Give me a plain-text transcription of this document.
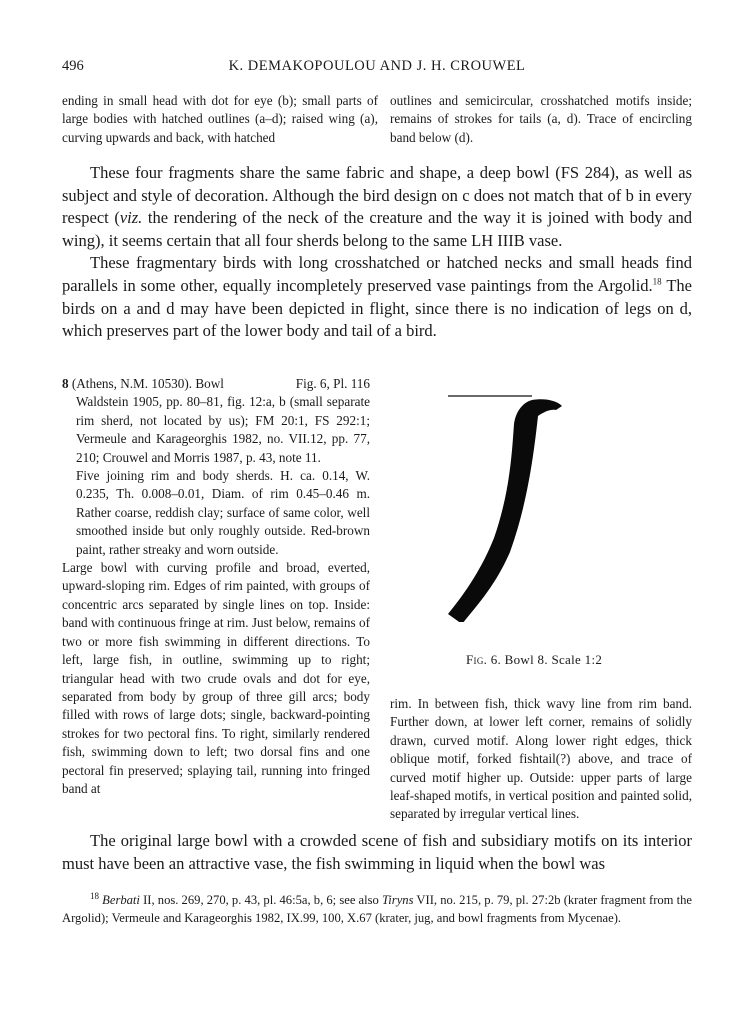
496	K. DEMAKOPOULOU AND J. H. CROUWEL

ending in small head with dot for eye (b); small parts of large bodies with hatched outlines (a–d); raised wing (a), curving upwards and back, with hatched

outlines and semicircular, crosshatched motifs inside; remains of strokes for tails (a, d). Trace of encircling band below (d).

These four fragments share the same fabric and shape, a deep bowl (FS 284), as well as subject and style of decoration. Although the bird design on c does not match that of b in every respect (viz. the rendering of the neck of the creature and the way it is joined with body and wing), it seems certain that all four sherds belong to the same LH IIIB vase.

These fragmentary birds with long crosshatched or hatched necks and small heads find parallels in some other, equally incompletely preserved vase paintings from the Argolid.$^{18}$ The birds on a and d may have been depicted in flight, since there is no indication of legs on d, which preserves part of the lower body and tail of a bird.

8 (Athens, N.M. 10530). Bowl	Fig. 6, Pl. 116

Waldstein 1905, pp. 80–81, fig. 12:a, b (small separate rim sherd, not located by us); FM 20:1, FS 292:1; Vermeule and Karageorghis 1982, no. VII.12, pp. 77, 210; Crouwel and Morris 1987, p. 43, note 11.

Five joining rim and body sherds. H. ca. 0.14, W. 0.235, Th. 0.008–0.01, Diam. of rim 0.45–0.46 m. Rather coarse, reddish clay; surface of same color, well smoothed inside but only roughly outside. Red-brown paint, rather streaky and worn outside.

Large bowl with curving profile and broad, everted, upward-sloping rim. Edges of rim painted, with groups of concentric arcs separated by single lines on top. Inside: band with continuous fringe at rim. Just below, remains of two or more fish swimming in different directions. To left, large fish, in outline, swimming up to right; triangular head with two crude ovals and dot for eye, separated from body by group of three gill arcs; body filled with rows of large dots; single, backward-pointing strokes for two pectoral fins. To right, similarly rendered fish, swimming down to left; two dorsal fins and one pectoral fin preserved; splaying tail, running into fringed band at

Fig. 6. Bowl 8. Scale 1:2

rim. In between fish, thick wavy line from rim band. Further down, at lower left corner, remains of solidly drawn, curved motif. Along lower right edges, thick oblique motif, forked fishtail(?) above, and trace of curved motif higher up. Outside: upper parts of large leaf-shaped motifs, in vertical position and painted solid, separated by irregular vertical lines.

The original large bowl with a crowded scene of fish and subsidiary motifs on its interior must have been an attractive vase, the fish swimming in liquid when the bowl was

$^{18}$ Berbati II, nos. 269, 270, p. 43, pl. 46:5a, b, 6; see also Tiryns VII, no. 215, p. 79, pl. 27:2b (krater fragment from the Argolid); Vermeule and Karageorghis 1982, IX.99, 100, X.67 (krater, jug, and bowl fragments from Mycenae).
